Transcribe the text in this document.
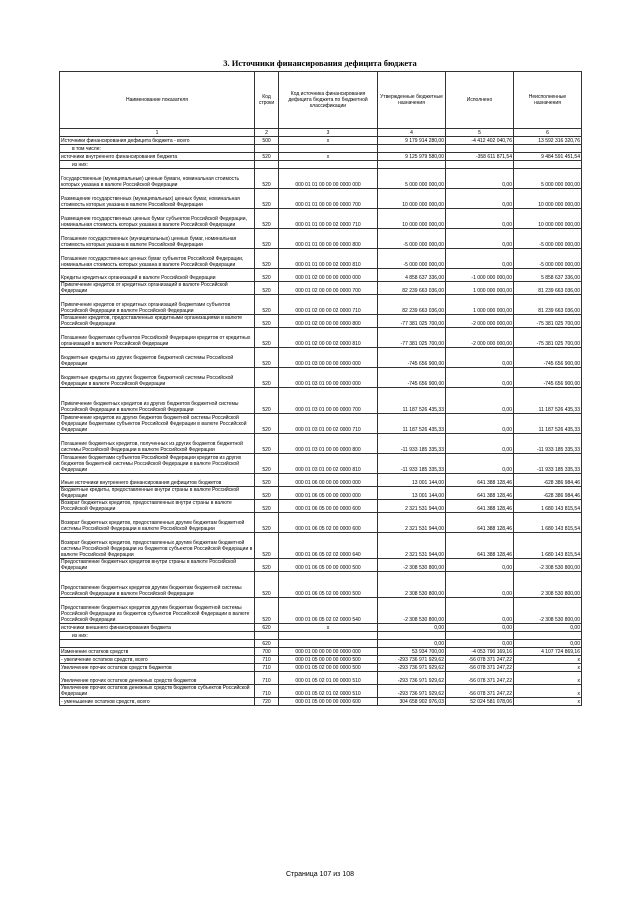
3. Источники финансирования дефицита бюджета
Наименование показателя	Код строки	Код источника финансирования дефицита бюджета по бюджетной классификации	Утвержденные бюджетные назначения	Исполнено	Неисполненные назначения
1	2	3	4	5	6
Источники финансирования дефицита бюджета - всего	500	x	9 179 914 280,00	-4 412 402 040,76	13 592 316 320,76
в том числе:					
источники внутреннего финансирования бюджета	520	x	9 125 979 580,00	-358 611 871,54	9 484 591 451,54
из них:					
Государственные (муниципальные) ценные бумаги, номинальная стоимость которых указана в валюте Российской Федерации	520	000 01 01 00 00 00 0000 000	5 000 000 000,00	0,00	5 000 000 000,00
Размещение государственных (муниципальных) ценных бумаг, номинальная стоимость которых указана в валюте Российской Федерации	520	000 01 01 00 00 00 0000 700	10 000 000 000,00	0,00	10 000 000 000,00
Размещение государственных ценных бумаг субъектов Российской Федерации, номинальная стоимость которых указана в валюте Российской Федерации	520	000 01 01 00 00 02 0000 710	10 000 000 000,00	0,00	10 000 000 000,00
Погашение государственных (муниципальных) ценных бумаг, номинальная стоимость которых указана в валюте Российской Федерации	520	000 01 01 00 00 00 0000 800	-5 000 000 000,00	0,00	-5 000 000 000,00
Погашение государственных ценных бумаг субъектов Российской Федерации, номинальная стоимость которых указана в валюте Российской Федерации	520	000 01 01 00 00 02 0000 810	-5 000 000 000,00	0,00	-5 000 000 000,00
Кредиты кредитных организаций в валюте Российской Федерации	520	000 01 02 00 00 00 0000 000	4 858 637 336,00	-1 000 000 000,00	5 858 637 336,00
Привлечение кредитов от кредитных организаций в валюте Российской Федерации	520	000 01 02 00 00 00 0000 700	82 239 663 036,00	1 000 000 000,00	81 239 663 036,00
Привлечение кредитов от кредитных организаций бюджетами субъектов Российской Федерации в валюте Российской Федерации	520	000 01 02 00 00 02 0000 710	82 239 663 036,00	1 000 000 000,00	81 239 663 036,00
Погашение кредитов, предоставленных кредитными организациями в валюте Российской Федерации	520	000 01 02 00 00 00 0000 800	-77 381 025 700,00	-2 000 000 000,00	-75 381 025 700,00
Погашение бюджетами субъектов Российской Федерации кредитов от кредитных организаций в валюте Российской Федерации	520	000 01 02 00 00 02 0000 810	-77 381 025 700,00	-2 000 000 000,00	-75 381 025 700,00
Бюджетные кредиты из других бюджетов бюджетной системы Российской Федерации	520	000 01 03 00 00 00 0000 000	-745 656 900,00	0,00	-745 656 900,00
Бюджетные кредиты из других бюджетов бюджетной системы Российской Федерации в валюте Российской Федерации	520	000 01 03 01 00 00 0000 000	-745 656 900,00	0,00	-745 656 900,00
Привлечение бюджетных кредитов из других бюджетов бюджетной системы Российской Федерации в валюте Российской Федерации	520	000 01 03 01 00 00 0000 700	11 187 526 435,33	0,00	11 187 526 435,33
Привлечение кредитов из других бюджетов бюджетной системы Российской Федерации бюджетами субъектов Российской Федерации в валюте Российской Федерации	520	000 01 03 01 00 02 0000 710	11 187 526 435,33	0,00	11 187 526 435,33
Погашение бюджетных кредитов, полученных из других бюджетов бюджетной системы Российской Федерации в валюте Российской Федерации	520	000 01 03 01 00 00 0000 800	-11 933 185 335,33	0,00	-11 933 185 335,33
Погашение бюджетами субъектов Российской Федерации кредитов из других бюджетов бюджетной системы Российской Федерации в валюте Российской Федерации	520	000 01 03 01 00 02 0000 810	-11 933 185 335,33	0,00	-11 933 185 335,33
Иные источники внутреннего финансирования дефицитов бюджетов	520	000 01 06 00 00 00 0000 000	13 001 144,00	641 388 128,46	-628 386 984,46
Бюджетные кредиты, предоставленные внутри страны в валюте Российской Федерации	520	000 01 06 05 00 00 0000 000	13 001 144,00	641 388 128,46	-628 386 984,46
Возврат бюджетных кредитов, предоставленных внутри страны в валюте Российской Федерации	520	000 01 06 05 00 00 0000 600	2 321 531 944,00	641 388 128,46	1 680 143 815,54
Возврат бюджетных кредитов, предоставленных другим бюджетам бюджетной системы Российской Федерации в валюте Российской Федерации	520	000 01 06 05 02 00 0000 600	2 321 531 944,00	641 388 128,46	1 680 143 815,54
Возврат бюджетных кредитов, предоставленных другим бюджетам бюджетной системы Российской Федерации из бюджетов субъектов Российской Федерации в валюте Российской Федерации	520	000 01 06 05 02 02 0000 640	2 321 531 944,00	641 388 128,46	1 680 143 815,54
Предоставление бюджетных кредитов внутри страны в валюте Российской Федерации	520	000 01 06 05 00 00 0000 500	-2 308 530 800,00	0,00	-2 308 530 800,00
Предоставление бюджетных кредитов другим бюджетам бюджетной системы Российской Федерации в валюте Российской Федерации	520	000 01 06 05 02 00 0000 500	2 308 530 800,00	0,00	2 308 530 800,00
Предоставление бюджетных кредитов другим бюджетам бюджетной системы Российской Федерации из бюджетов субъектов Российской Федерации в валюте Российской Федерации	520	000 01 06 05 02 02 0000 540	-2 308 530 800,00	0,00	-2 308 530 800,00
источники внешнего финансирования бюджета	620	x	0,00	0,00	0,00
из них:					
	620		0,00	0,00	0,00
Изменение остатков средств	700	000 01 00 00 00 00 0000 000	53 934 700,00	-4 053 790 169,16	4 107 724 869,16
- увеличение остатков средств, всего	710	000 01 05 00 00 00 0000 500	-293 736 971 929,62	-56 078 371 247,22	x
Увеличение прочих остатков средств бюджетов	710	000 01 05 02 00 00 0000 500	-293 736 971 929,62	-56 078 371 247,22	x
Увеличение прочих остатков денежных средств бюджетов	710	000 01 05 02 01 00 0000 510	-293 736 971 929,62	-56 078 371 247,22	x
Увеличение прочих остатков денежных средств бюджетов субъектов Российской Федерации	710	000 01 05 02 01 02 0000 510	-293 736 971 929,62	-56 078 371 247,22	x
- уменьшение остатков средств, всего	720	000 01 05 00 00 00 0000 600	304 658 902 976,03	52 024 581 078,06	x
Страница 107 из 108
